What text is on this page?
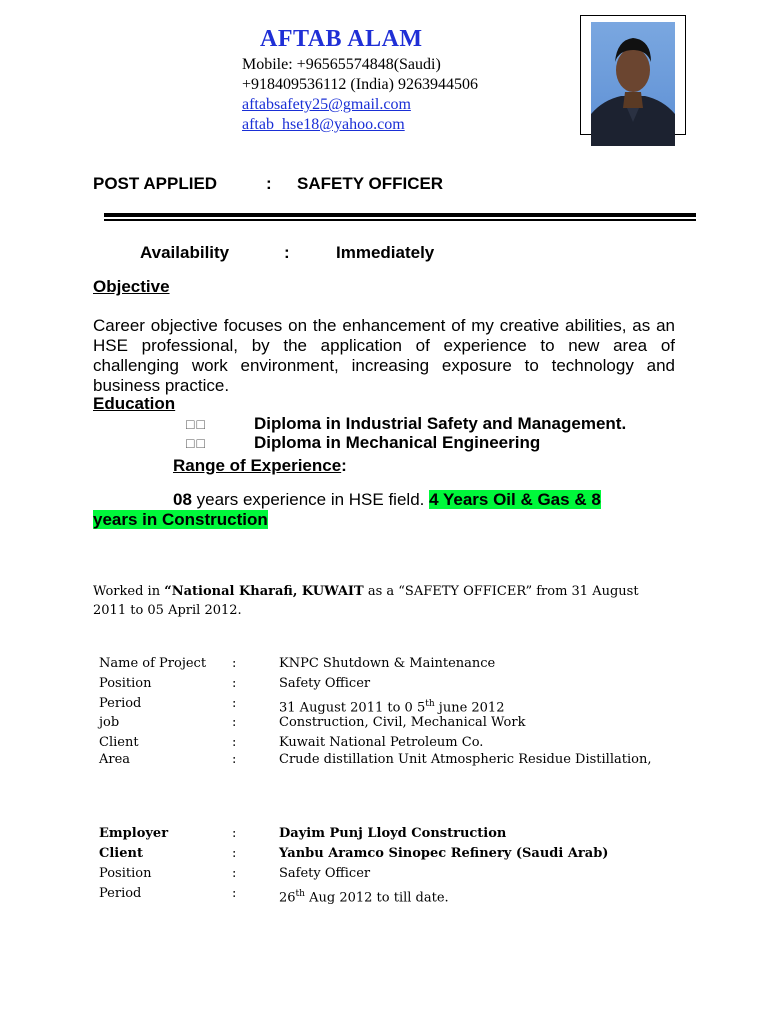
AFTAB ALAM
Mobile: +96565574848(Saudi)
+918409536112 (India) 9263944506
aftabsafety25@gmail.com
aftab_hse18@yahoo.com
POST APPLIED	: SAFETY OFFICER
Availability	:	Immediately
Objective
Career objective focuses on the enhancement of my creative abilities, as an HSE professional, by the application of experience to new area of challenging work environment, increasing exposure to technology and business practice.
Education
□□	Diploma in Industrial Safety and Management.
□□	Diploma in Mechanical Engineering
Range of Experience:
08 years experience in HSE field. 4 Years Oil & Gas & 8
years in Construction
Worked in “National Kharafi, KUWAIT as a “SAFETY OFFICER” from 31 August
2011 to 05 April 2012.
Name of Project :	KNPC Shutdown & Maintenance
Position	:	Safety Officer
Period	:	31 August 2011 to 0 5th june 2012
job	:	Construction, Civil, Mechanical Work
Client	:	Kuwait National Petroleum Co.
Area	:	Crude distillation Unit Atmospheric Residue Distillation,
Employer	:	Dayim Punj Lloyd Construction
Client	:	Yanbu Aramco Sinopec Refinery (Saudi Arab)
Position	:	Safety Officer
Period	:	26th Aug 2012 to till date.
